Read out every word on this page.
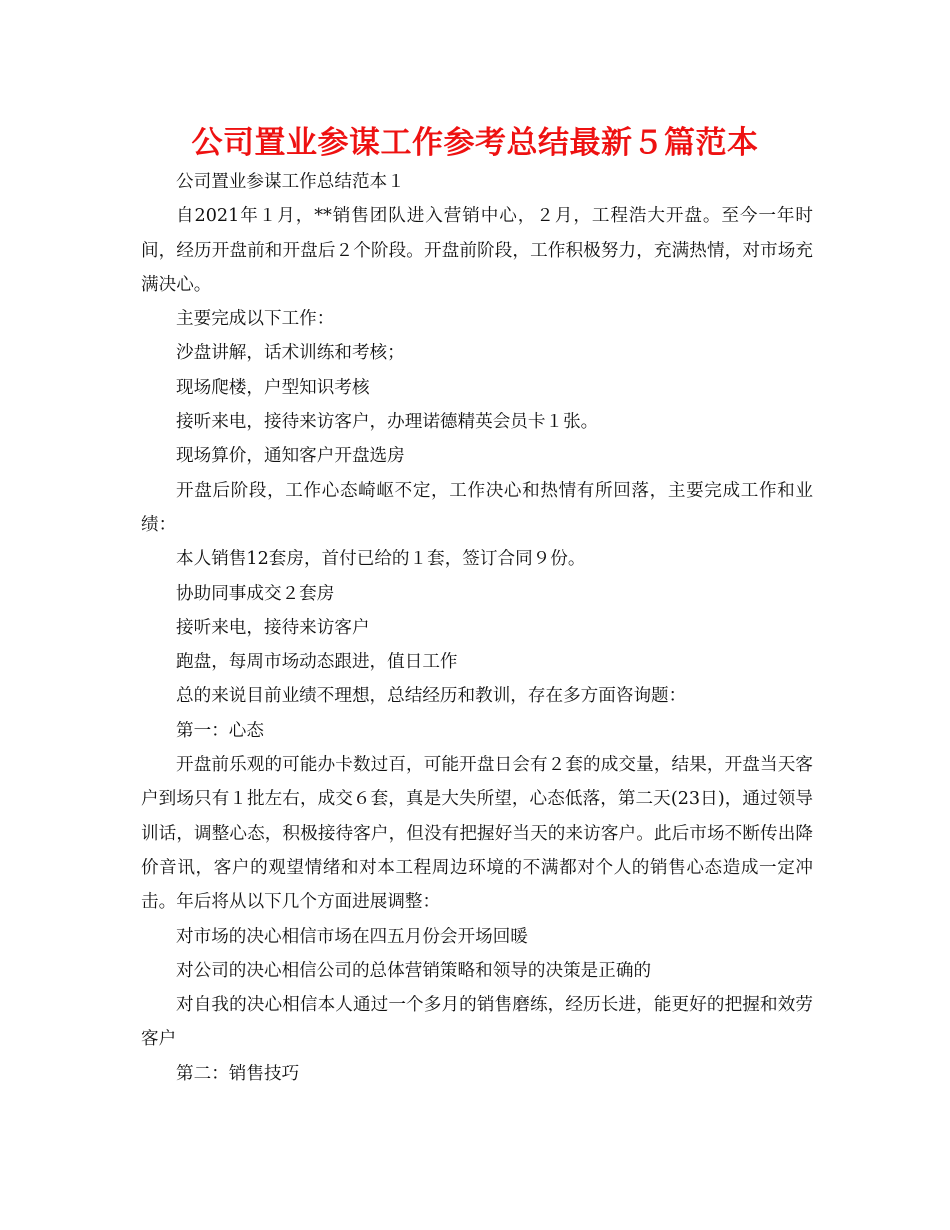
公司置业参谋工作参考总结最新５篇范本

公司置业参谋工作总结范本１

自2021年１月，**销售团队进入营销中心，２月，工程浩大开盘。至今一年时间，经历开盘前和开盘后２个阶段。开盘前阶段，工作积极努力，充满热情，对市场充满决心。

主要完成以下工作：

沙盘讲解，话术训练和考核；

现场爬楼，户型知识考核

接听来电，接待来访客户，办理诺德精英会员卡１张。

现场算价，通知客户开盘选房

开盘后阶段，工作心态崎岖不定，工作决心和热情有所回落，主要完成工作和业绩：

本人销售12套房，首付已给的１套，签订合同９份。

协助同事成交２套房

接听来电，接待来访客户

跑盘，每周市场动态跟进，值日工作

总的来说目前业绩不理想，总结经历和教训，存在多方面咨询题：

第一：心态

开盘前乐观的可能办卡数过百，可能开盘日会有２套的成交量，结果，开盘当天客户到场只有１批左右，成交６套，真是大失所望，心态低落，第二天(23日)，通过领导训话，调整心态，积极接待客户，但没有把握好当天的来访客户。此后市场不断传出降价音讯，客户的观望情绪和对本工程周边环境的不满都对个人的销售心态造成一定冲击。年后将从以下几个方面进展调整：

对市场的决心相信市场在四五月份会开场回暖

对公司的决心相信公司的总体营销策略和领导的决策是正确的

对自我的决心相信本人通过一个多月的销售磨练，经历长进，能更好的把握和效劳客户

第二：销售技巧
